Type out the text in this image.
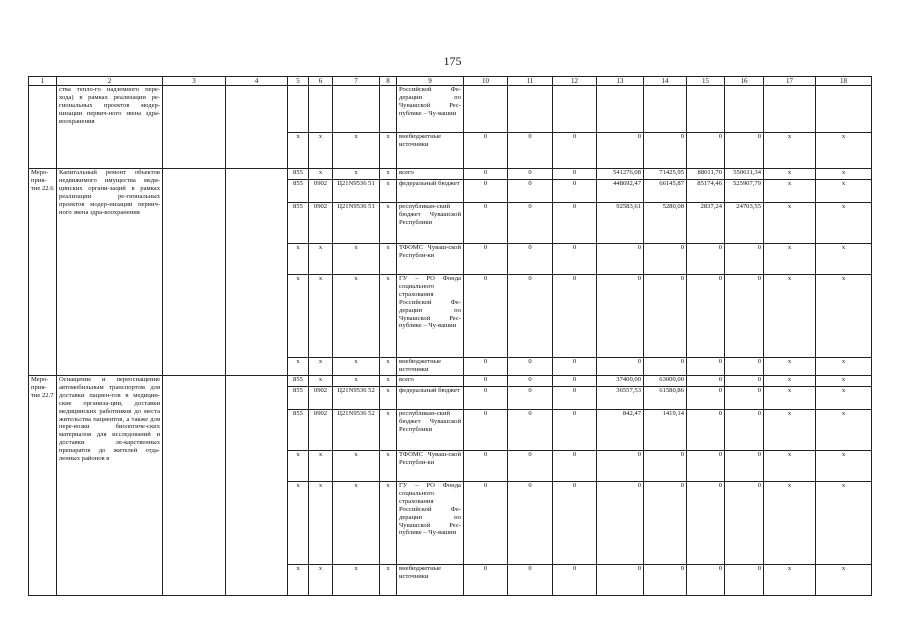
175
1	2	3	4	5	6	7	8	9	10	11	12	13	14	15	16	17	18
	ства тепло-го надземного пере-хода) в рамках реализации ре-гиональных проектов модер-низации первич-ного звена здра-воохранения							Российской Фе-дерации по Чувашской Рес-публике – Чу-вашии									
				x	x	x	x	внебюджетные источники	0	0	0	0	0	0	0	x	x
Меро-прия-тие 22.6	Капитальный ремонт объектов недвижимого имущества меди-цинских органи-заций в рамках реализации ре-гиональных проектов модер-низации первич-ного звена здра-воохранения			855	x	x	x	всего	0	0	0	541276,08	71425,95	88011,70	550611,34	x	x
				855	0902	Ц21N9536 51	x	федеральный бюджет	0	0	0	448692,47	66145,87	85174,46	525907,79	x	x
				855	0902	Ц21N9536 51	x	республикан-ский бюджет Чувашской Республики	0	0	0	92583,61	5280,08	2837,24	24703,55	x	x
				x	x	x	x	ТФОМС Чуваш-ской Республи-ки	0	0	0	0	0	0	0	x	x
				x	x	x	x	ГУ – РО Фонда социального страхования Российской Фе-дерации по Чувашской Рес-публике – Чу-вашии	0	0	0	0	0	0	0	x	x
				x	x	x	x	внебюджетные источники	0	0	0	0	0	0	0	x	x
Меро-прия-тие 22.7	Оснащение и переоснащение автомобильным транспортом для доставки пациен-тов в медицин-ские организа-ции, доставки медицинских работников до места жительства пациентов, а также для пере-возки биологиче-ских материалов для исследований и доставки ле-карственных препаратов до жителей отда-ленных районов в			855	x	x	x	всего	0	0	0	37400,00	63000,00	0	0	x	x
				855	0902	Ц21N9536 52	x	федеральный бюджет	0	0	0	36557,53	61580,86	0	0	x	x
				855	0902	Ц21N9536 52	x	республикан-ский бюджет Чувашской Республики	0	0	0	842,47	1419,14	0	0	x	x
				x	x	x	x	ТФОМС Чуваш-ской Республи-ки	0	0	0	0	0	0	0	x	x
				x	x	x	x	ГУ – РО Фонда социального страхования Российской Фе-дерации по Чувашской Рес-публике – Чу-вашии	0	0	0	0	0	0	0	x	x
				x	x	x	x	внебюджетные источники	0	0	0	0	0	0	0	x	x
